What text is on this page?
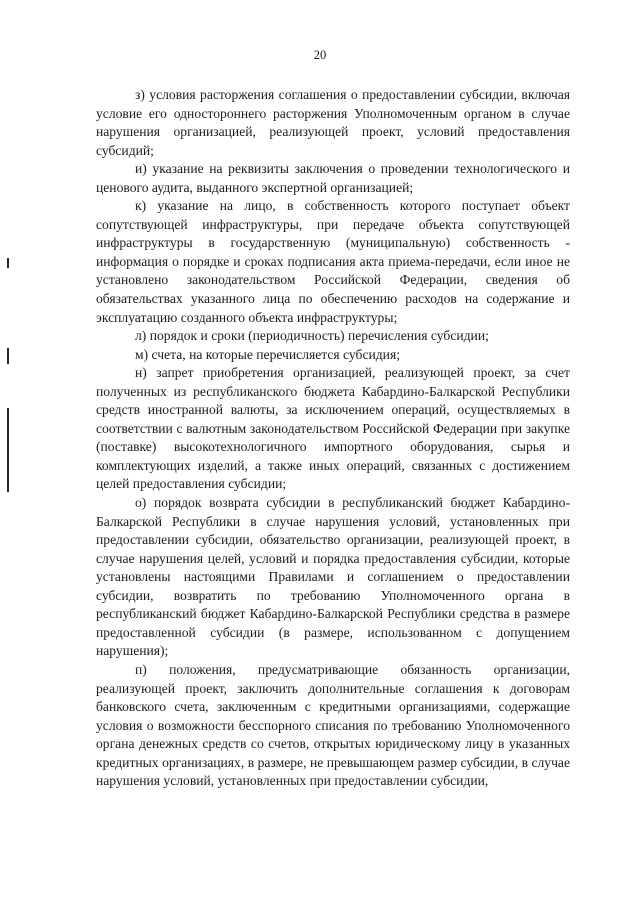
20

з) условия расторжения соглашения о предоставлении субсидии, включая условие его одностороннего расторжения Уполномоченным органом в случае нарушения организацией, реализующей проект, условий предоставления субсидий;

и) указание на реквизиты заключения о проведении технологического и ценового аудита, выданного экспертной организацией;

к) указание на лицо, в собственность которого поступает объект сопутствующей инфраструктуры, при передаче объекта сопутствующей инфраструктуры в государственную (муниципальную) собственность - информация о порядке и сроках подписания акта приема-передачи, если иное не установлено законодательством Российской Федерации, сведения об обязательствах указанного лица по обеспечению расходов на содержание и эксплуатацию созданного объекта инфраструктуры;

л) порядок и сроки (периодичность) перечисления субсидии;

м) счета, на которые перечисляется субсидия;

н) запрет приобретения организацией, реализующей проект, за счет полученных из республиканского бюджета Кабардино-Балкарской Республики средств иностранной валюты, за исключением операций, осуществляемых в соответствии с валютным законодательством Российской Федерации при закупке (поставке) высокотехнологичного импортного оборудования, сырья и комплектующих изделий, а также иных операций, связанных с достижением целей предоставления субсидии;

о) порядок возврата субсидии в республиканский бюджет Кабардино-Балкарской Республики в случае нарушения условий, установленных при предоставлении субсидии, обязательство организации, реализующей проект, в случае нарушения целей, условий и порядка предоставления субсидии, которые установлены настоящими Правилами и соглашением о предоставлении субсидии, возвратить по требованию Уполномоченного органа в республиканский бюджет Кабардино-Балкарской Республики средства в размере предоставленной субсидии (в размере, использованном с допущением нарушения);

п) положения, предусматривающие обязанность организации, реализующей проект, заключить дополнительные соглашения к договорам банковского счета, заключенным с кредитными организациями, содержащие условия о возможности бесспорного списания по требованию Уполномоченного органа денежных средств со счетов, открытых юридическому лицу в указанных кредитных организациях, в размере, не превышающем размер субсидии, в случае нарушения условий, установленных при предоставлении субсидии,
